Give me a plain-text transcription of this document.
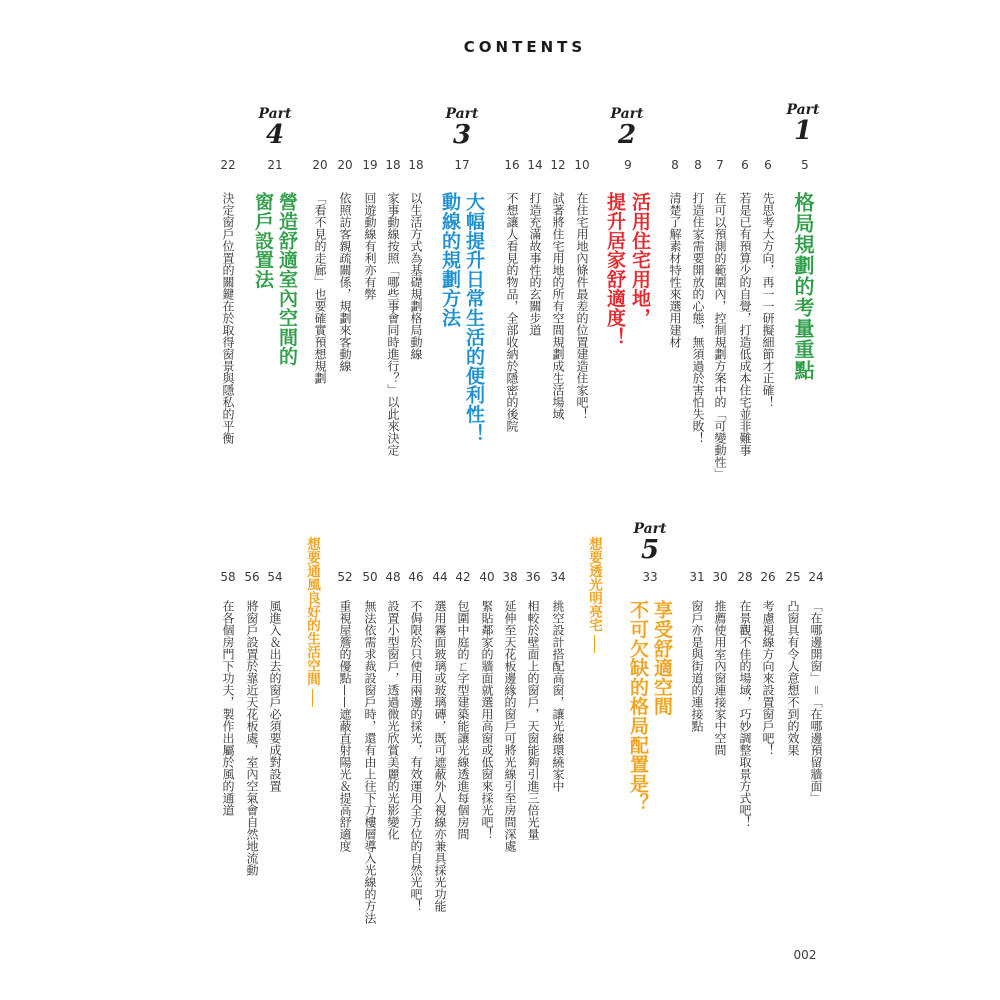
CONTENTS
Part
1
5
格局規劃的考量重點
6
先思考大方向，再一一研擬細節才正確！
6
若是已有預算少的自覺，打造低成本住宅並非難事
7
在可以預測的範圍內，控制規劃方案中的「可變動性」
8
打造住家需要開放的心態，無須過於害怕失敗！
8
清楚了解素材特性來選用建材
Part
2
9
活用住宅用地，
提升居家舒適度！
10
在住宅用地內條件最差的位置建造住家吧！
12
試著將住宅用地的所有空間規劃成生活場域
14
打造充滿故事性的玄關步道
16
不想讓人看見的物品，全部收納於隱密的後院
Part
3
17
大幅提升日常生活的便利性！
動線的規劃方法
18
以生活方式為基礎規劃格局動線
18
家事動線按照「哪些事會同時進行？」以此來決定
19
回遊動線有利亦有弊
20
依照訪客親疏關係，規劃來客動線
20
「看不見的走廊」也要確實預想規劃
Part
4
21
營造舒適室內空間的
窗戶設置法
22
決定窗戶位置的關鍵在於取得窗景與隱私的平衡
24
「在哪邊開窗」＝「在哪邊預留牆面」
25
凸窗具有令人意想不到的效果
26
考慮視線方向來設置窗戶吧！
28
在景觀不佳的場域，巧妙調整取景方式吧！
30
推薦使用室內窗連接家中空間
31
窗戶亦是與街道的連接點
Part
5
33
享受舒適空間
不可欠缺的格局配置是？
想要透光明亮宅
34
挑空設計搭配高窗，讓光線環繞家中
36
相較於壁面上的窗戶，天窗能夠引進三倍光量
38
延伸至天花板邊緣的窗戶可將光線引至房間深處
40
緊貼鄰家的牆面就選用高窗或低窗來採光吧！
42
包圍中庭的ㄈ字型建築能讓光線透進每個房間
44
選用霧面玻璃或玻璃磚，既可遮蔽外人視線亦兼具採光功能
46
不侷限於只使用兩邊的採光，有效運用全方位的自然光吧！
48
設置小型窗戶，透過微光欣賞美麗的光影變化
50
無法依需求裁設窗戶時，還有由上往下方樓層導入光線的方法
52
重視屋簷的優點——遮蔽直射陽光＆提高舒適度
想要通風良好的生活空間
54
風進入＆出去的窗戶必須要成對設置
56
將窗戶設置於靠近天花板處，室內空氣會自然地流動
58
在各個房門下功夫，製作出屬於風的通道
002
